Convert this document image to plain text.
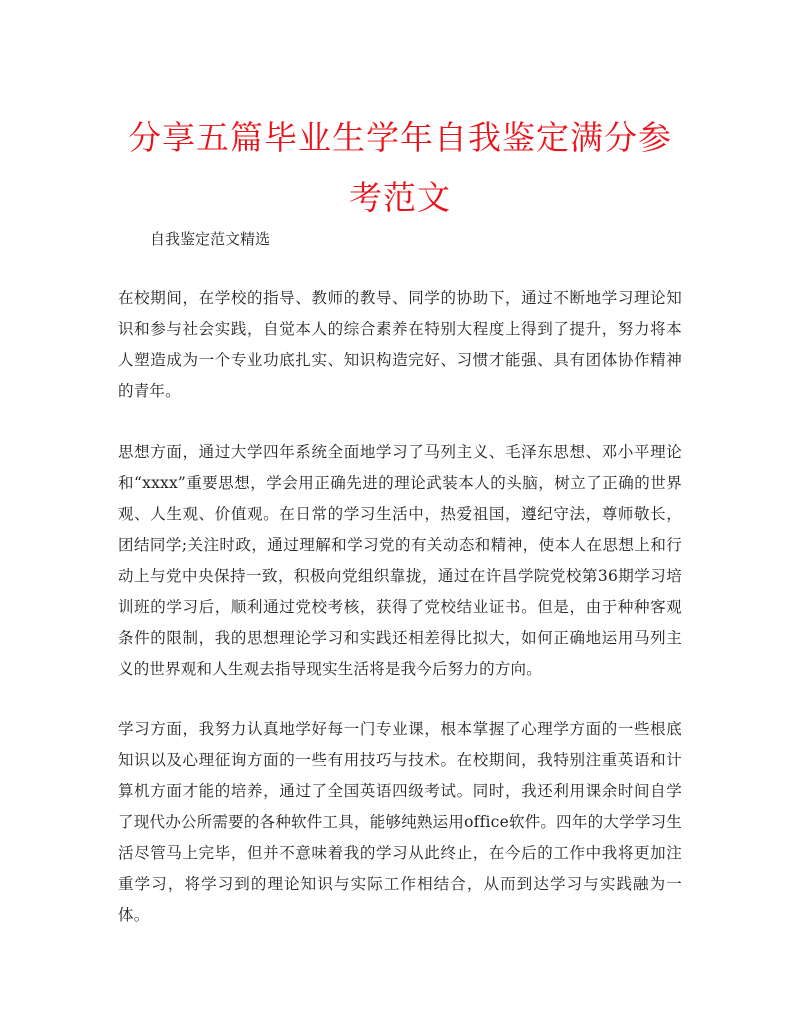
分享五篇毕业生学年自我鉴定满分参考范文

自我鉴定范文精选

在校期间，在学校的指导、教师的教导、同学的协助下，通过不断地学习理论知识和参与社会实践，自觉本人的综合素养在特别大程度上得到了提升，努力将本人塑造成为一个专业功底扎实、知识构造完好、习惯才能强、具有团体协作精神的青年。

思想方面，通过大学四年系统全面地学习了马列主义、毛泽东思想、邓小平理论和“xxxx”重要思想，学会用正确先进的理论武装本人的头脑，树立了正确的世界观、人生观、价值观。在日常的学习生活中，热爱祖国，遵纪守法，尊师敬长，团结同学;关注时政，通过理解和学习党的有关动态和精神，使本人在思想上和行动上与党中央保持一致，积极向党组织靠拢，通过在许昌学院党校第36期学习培训班的学习后，顺利通过党校考核，获得了党校结业证书。但是，由于种种客观条件的限制，我的思想理论学习和实践还相差得比拟大，如何正确地运用马列主义的世界观和人生观去指导现实生活将是我今后努力的方向。

学习方面，我努力认真地学好每一门专业课，根本掌握了心理学方面的一些根底知识以及心理征询方面的一些有用技巧与技术。在校期间，我特别注重英语和计算机方面才能的培养，通过了全国英语四级考试。同时，我还利用课余时间自学了现代办公所需要的各种软件工具，能够纯熟运用office软件。四年的大学学习生活尽管马上完毕，但并不意味着我的学习从此终止，在今后的工作中我将更加注重学习，将学习到的理论知识与实际工作相结合，从而到达学习与实践融为一体。
